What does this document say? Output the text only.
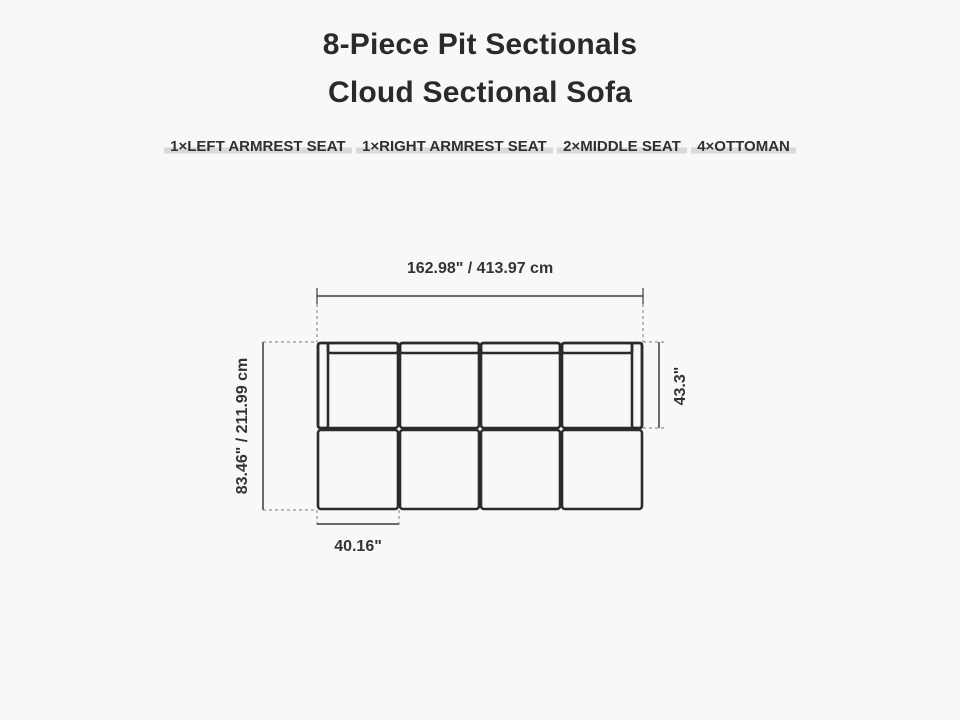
8-Piece Pit Sectionals
Cloud Sectional Sofa
1×LEFT ARMREST SEAT 1×RIGHT ARMREST SEAT 2×MIDDLE SEAT 4×OTTOMAN
162.98" / 413.97 cm
83.46" / 211.99 cm	43.3"
40.16"
